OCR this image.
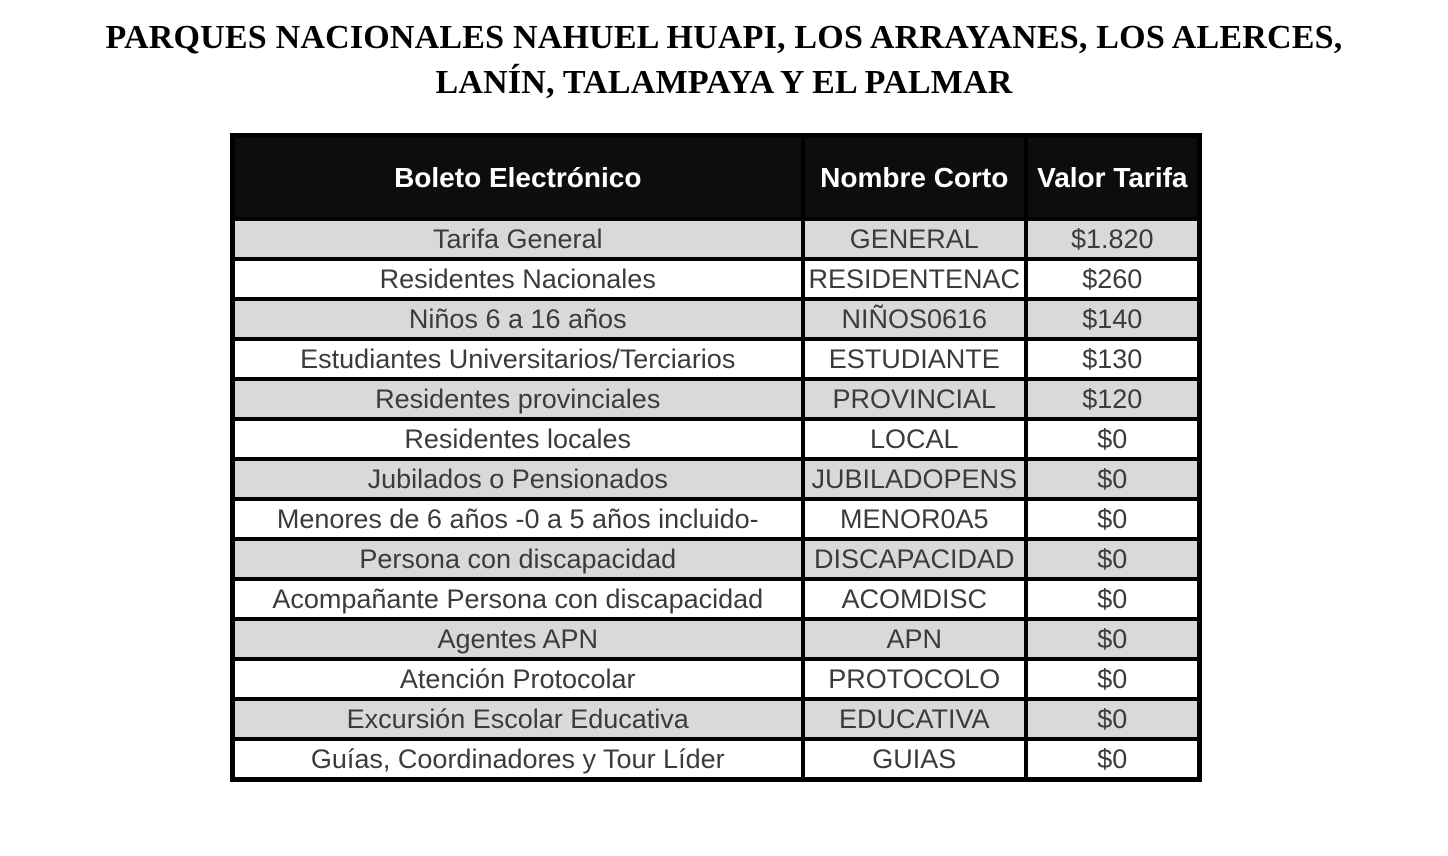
PARQUES NACIONALES NAHUEL HUAPI, LOS ARRAYANES, LOS ALERCES,
LANÍN, TALAMPAYA Y EL PALMAR
Boleto Electrónico	Nombre Corto	Valor Tarifa
Tarifa General	GENERAL	$1.820
Residentes Nacionales	RESIDENTENAC	$260
Niños 6 a 16 años	NIÑOS0616	$140
Estudiantes Universitarios/Terciarios	ESTUDIANTE	$130
Residentes provinciales	PROVINCIAL	$120
Residentes locales	LOCAL	$0
Jubilados o Pensionados	JUBILADOPENS	$0
Menores de 6 años -0 a 5 años incluido-	MENOR0A5	$0
Persona con discapacidad	DISCAPACIDAD	$0
Acompañante Persona con discapacidad	ACOMDISC	$0
Agentes APN	APN	$0
Atención Protocolar	PROTOCOLO	$0
Excursión Escolar Educativa	EDUCATIVA	$0
Guías, Coordinadores y Tour Líder	GUIAS	$0
